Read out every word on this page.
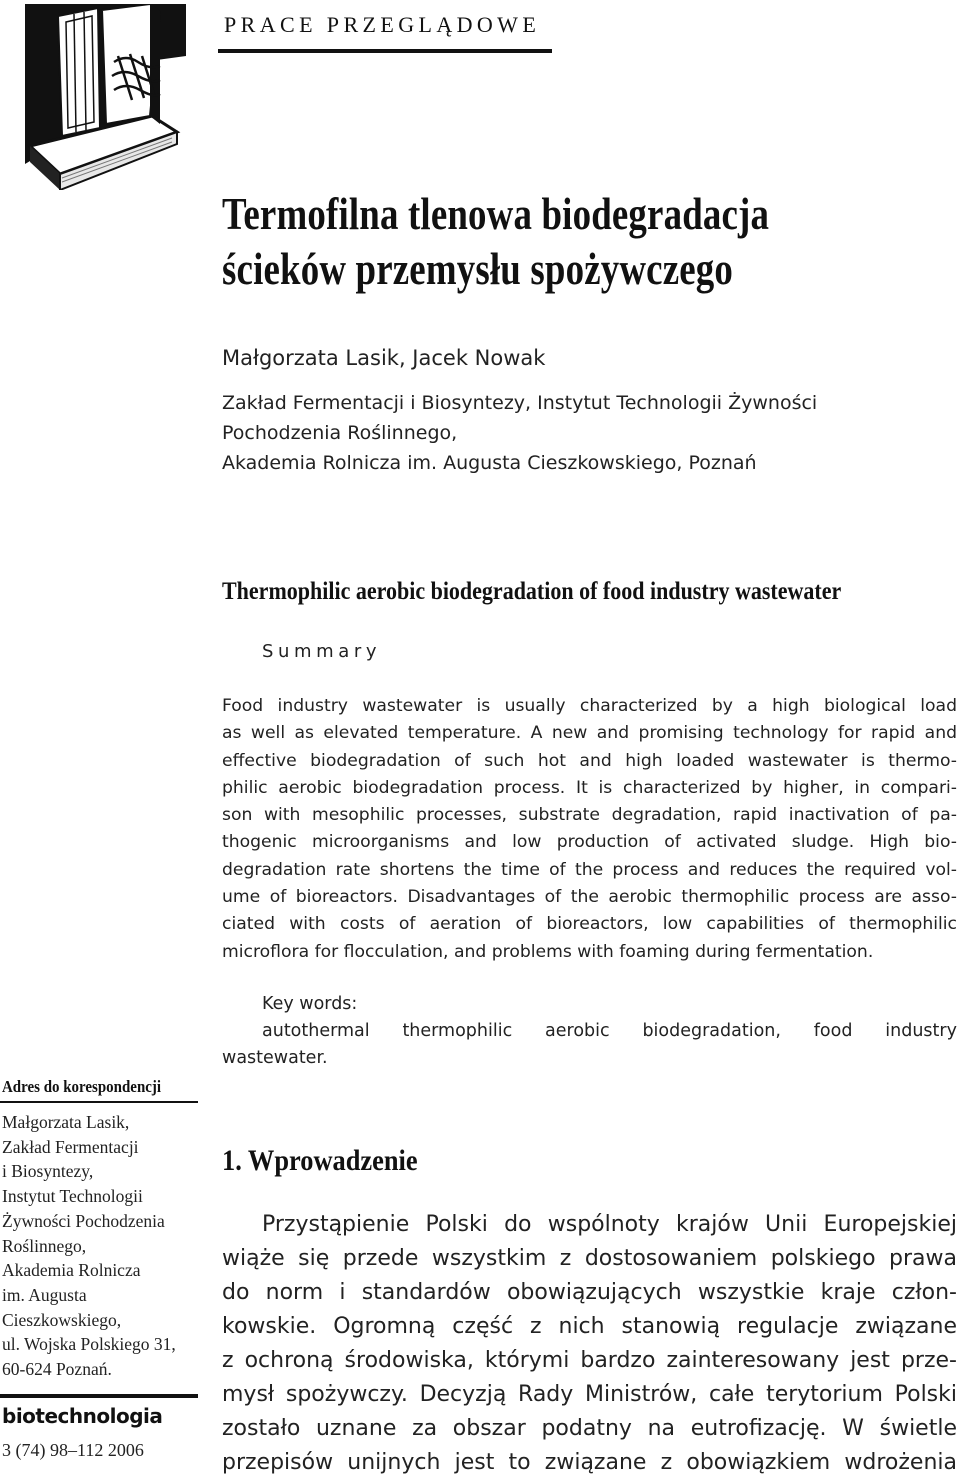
PRACE PRZEGLĄDOWE
Termofilna tlenowa biodegradacja
ścieków przemysłu spożywczego
Małgorzata Lasik, Jacek Nowak
Zakład Fermentacji i Biosyntezy, Instytut Technologii Żywności
Pochodzenia Roślinnego,
Akademia Rolnicza im. Augusta Cieszkowskiego, Poznań
Thermophilic aerobic biodegradation of food industry wastewater
Summary
Food industry wastewater is usually characterized by a high biological load
as well as elevated temperature. A new and promising technology for rapid and
effective biodegradation of such hot and high loaded wastewater is thermo-
philic aerobic biodegradation process. It is characterized by higher, in compari-
son with mesophilic processes, substrate degradation, rapid inactivation of pa-
thogenic microorganisms and low production of activated sludge. High bio-
degradation rate shortens the time of the process and reduces the required vol-
ume of bioreactors. Disadvantages of the aerobic thermophilic process are asso-
ciated with costs of aeration of bioreactors, low capabilities of thermophilic
microflora for flocculation, and problems with foaming during fermentation.
Key words:
autothermal thermophilic aerobic biodegradation, food industry
wastewater.
1. Wprowadzenie
Przystąpienie Polski do wspólnoty krajów Unii Europejskiej
wiąże się przede wszystkim z dostosowaniem polskiego prawa
do norm i standardów obowiązujących wszystkie kraje człon-
kowskie. Ogromną część z nich stanowią regulacje związane
z ochroną środowiska, którymi bardzo zainteresowany jest prze-
mysł spożywczy. Decyzją Rady Ministrów, całe terytorium Polski
zostało uznane za obszar podatny na eutrofizację. W świetle
przepisów unijnych jest to związane z obowiązkiem wdrożenia
Adres do korespondencji
Małgorzata Lasik,
Zakład Fermentacji
i Biosyntezy,
Instytut Technologii
Żywności Pochodzenia
Roślinnego,
Akademia Rolnicza
im. Augusta
Cieszkowskiego,
ul. Wojska Polskiego 31,
60-624 Poznań.
biotechnologia
3 (74) 98–112 2006
